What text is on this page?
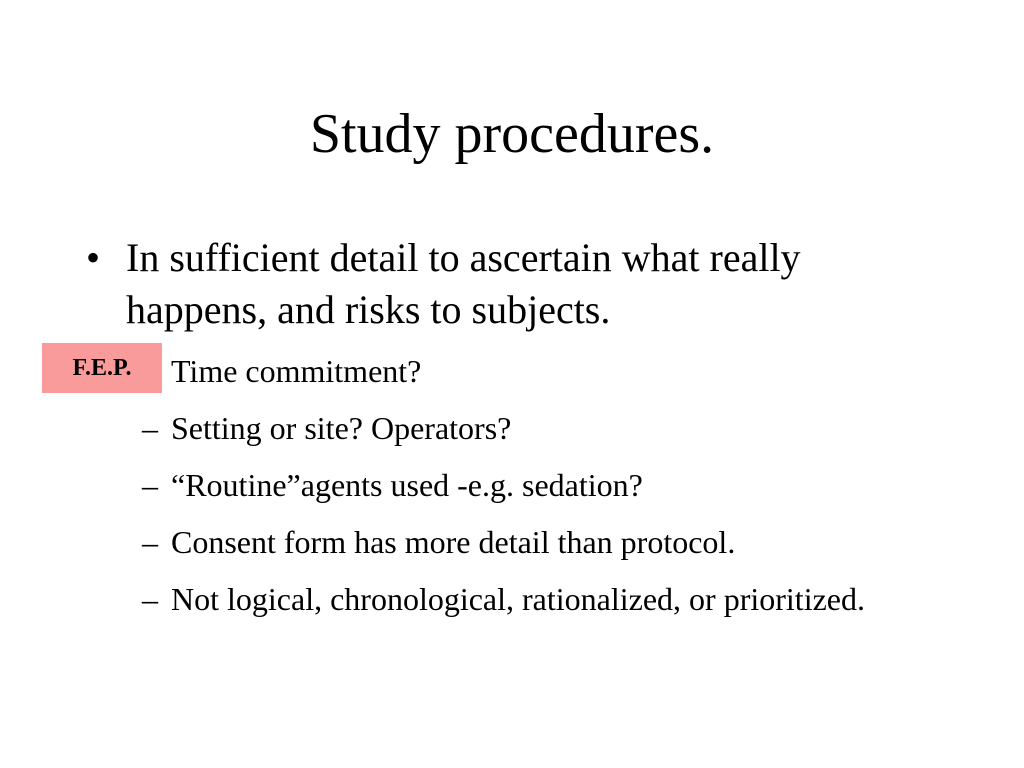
Study procedures.
• In sufficient detail to ascertain what really happens, and risks to subjects.
Time commitment?
– Setting or site? Operators?
– “Routine”agents used -e.g. sedation?
– Consent form has more detail than protocol.
– Not logical, chronological, rationalized, or prioritized.
F.E.P.
